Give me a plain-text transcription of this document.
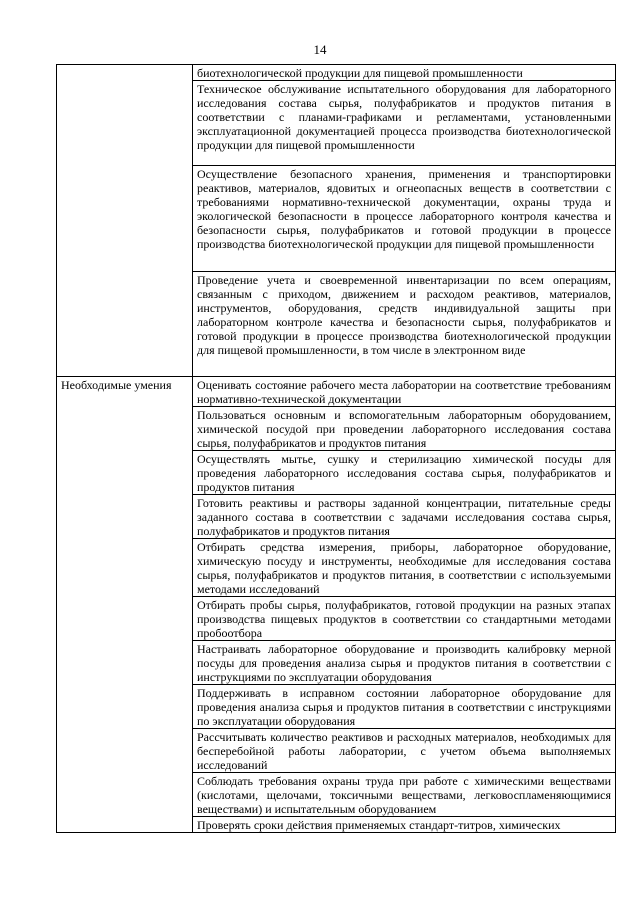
14

	биотехнологической продукции для пищевой промышленности

	Техническое обслуживание испытательного оборудования для лабораторного исследования состава сырья, полуфабрикатов и продуктов питания в соответствии с планами-графиками и регламентами, установленными эксплуатационной документацией процесса производства биотехнологической продукции для пищевой промышленности

	Осуществление безопасного хранения, применения и транспортировки реактивов, материалов, ядовитых и огнеопасных веществ в соответствии с требованиями нормативно-технической документации, охраны труда и экологической безопасности в процессе лабораторного контроля качества и безопасности сырья, полуфабрикатов и готовой продукции в процессе производства биотехнологической продукции для пищевой промышленности

	Проведение учета и своевременной инвентаризации по всем операциям, связанным с приходом, движением и расходом реактивов, материалов, инструментов, оборудования, средств индивидуальной защиты при лабораторном контроле качества и безопасности сырья, полуфабрикатов и готовой продукции в процессе производства биотехнологической продукции для пищевой промышленности, в том числе в электронном виде

Необходимые умения	Оценивать состояние рабочего места лаборатории на соответствие требованиям нормативно-технической документации

	Пользоваться основным и вспомогательным лабораторным оборудованием, химической посудой при проведении лабораторного исследования состава сырья, полуфабрикатов и продуктов питания

	Осуществлять мытье, сушку и стерилизацию химической посуды для проведения лабораторного исследования состава сырья, полуфабрикатов и продуктов питания

	Готовить реактивы и растворы заданной концентрации, питательные среды заданного состава в соответствии с задачами исследования состава сырья, полуфабрикатов и продуктов питания

	Отбирать средства измерения, приборы, лабораторное оборудование, химическую посуду и инструменты, необходимые для исследования состава сырья, полуфабрикатов и продуктов питания, в соответствии с используемыми методами исследований

	Отбирать пробы сырья, полуфабрикатов, готовой продукции на разных этапах производства пищевых продуктов в соответствии со стандартными методами пробоотбора

	Настраивать лабораторное оборудование и производить калибровку мерной посуды для проведения анализа сырья и продуктов питания в соответствии с инструкциями по эксплуатации оборудования

	Поддерживать в исправном состоянии лабораторное оборудование для проведения анализа сырья и продуктов питания в соответствии с инструкциями по эксплуатации оборудования

	Рассчитывать количество реактивов и расходных материалов, необходимых для бесперебойной работы лаборатории, с учетом объема выполняемых исследований

	Соблюдать требования охраны труда при работе с химическими веществами (кислотами, щелочами, токсичными веществами, легковоспламеняющимися веществами) и испытательным оборудованием

	Проверять сроки действия применяемых стандарт-титров, химических
